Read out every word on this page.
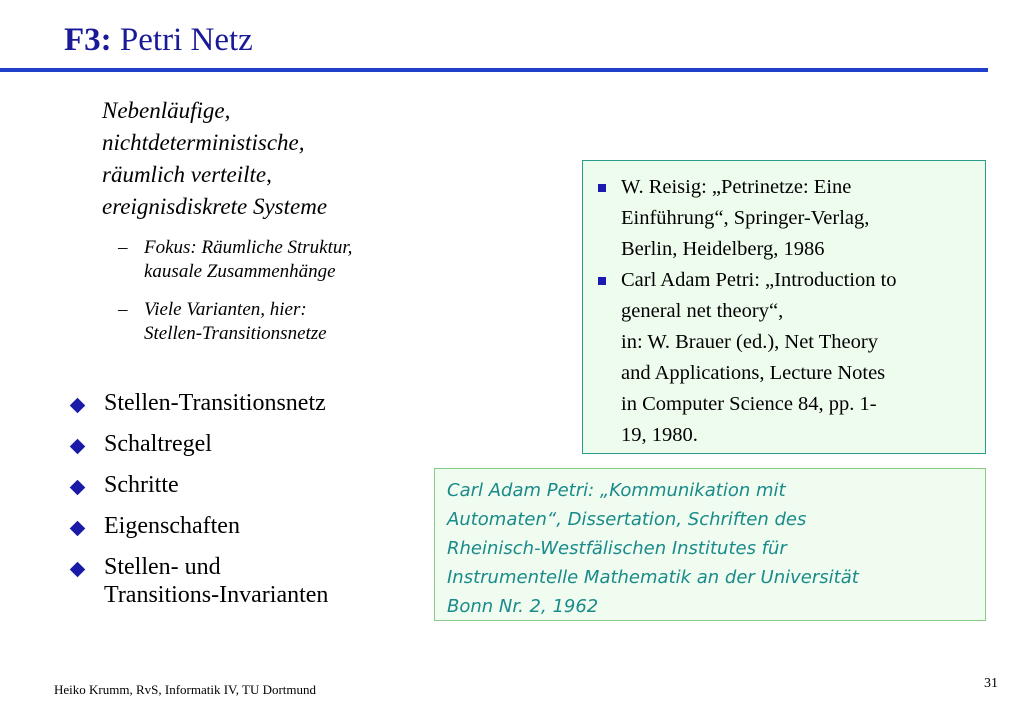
F3: Petri Netz
Nebenläufige,
nichtdeterministische,
räumlich verteilte,
ereignisdiskrete Systeme
– Fokus: Räumliche Struktur,
kausale Zusammenhänge
– Viele Varianten, hier:
Stellen-Transitionsnetze
Stellen-Transitionsnetz
Schaltregel
Schritte
Eigenschaften
Stellen- und
Transitions-Invarianten
W. Reisig: „Petrinetze: Eine
Einführung“, Springer-Verlag,
Berlin, Heidelberg, 1986
Carl Adam Petri: „Introduction to
general net theory“,
in: W. Brauer (ed.), Net Theory
and Applications, Lecture Notes
in Computer Science 84, pp. 1-
19, 1980.
Carl Adam Petri: „Kommunikation mit
Automaten“, Dissertation, Schriften des
Rheinisch-Westfälischen Institutes für
Instrumentelle Mathematik an der Universität
Bonn Nr. 2, 1962
Heiko Krumm, RvS, Informatik IV, TU Dortmund	31
